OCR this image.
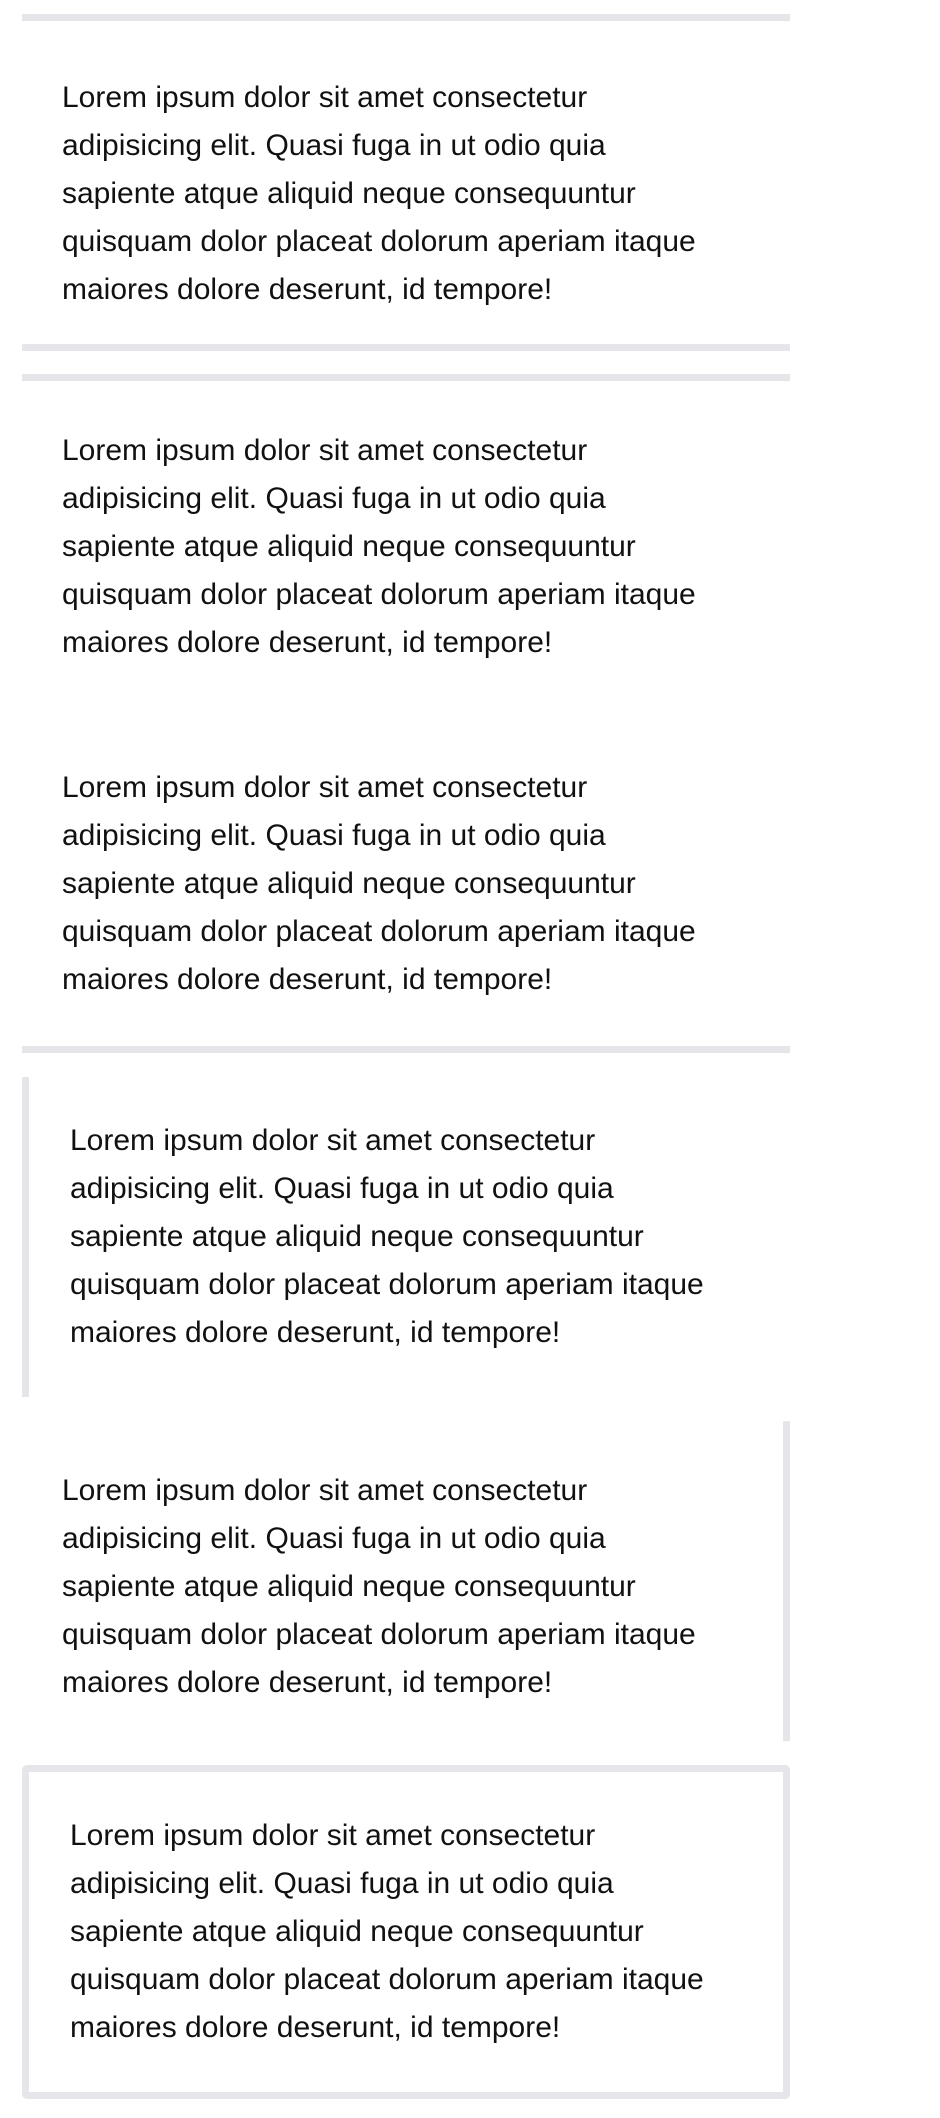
Lorem ipsum dolor sit amet consectetur adipisicing elit. Quasi fuga in ut odio quia sapiente atque aliquid neque consequuntur quisquam dolor placeat dolorum aperiam itaque maiores dolore deserunt, id tempore!

Lorem ipsum dolor sit amet consectetur adipisicing elit. Quasi fuga in ut odio quia sapiente atque aliquid neque consequuntur quisquam dolor placeat dolorum aperiam itaque maiores dolore deserunt, id tempore!

Lorem ipsum dolor sit amet consectetur adipisicing elit. Quasi fuga in ut odio quia sapiente atque aliquid neque consequuntur quisquam dolor placeat dolorum aperiam itaque maiores dolore deserunt, id tempore!

Lorem ipsum dolor sit amet consectetur adipisicing elit. Quasi fuga in ut odio quia sapiente atque aliquid neque consequuntur quisquam dolor placeat dolorum aperiam itaque maiores dolore deserunt, id tempore!

Lorem ipsum dolor sit amet consectetur adipisicing elit. Quasi fuga in ut odio quia sapiente atque aliquid neque consequuntur quisquam dolor placeat dolorum aperiam itaque maiores dolore deserunt, id tempore!

Lorem ipsum dolor sit amet consectetur adipisicing elit. Quasi fuga in ut odio quia sapiente atque aliquid neque consequuntur quisquam dolor placeat dolorum aperiam itaque maiores dolore deserunt, id tempore!
